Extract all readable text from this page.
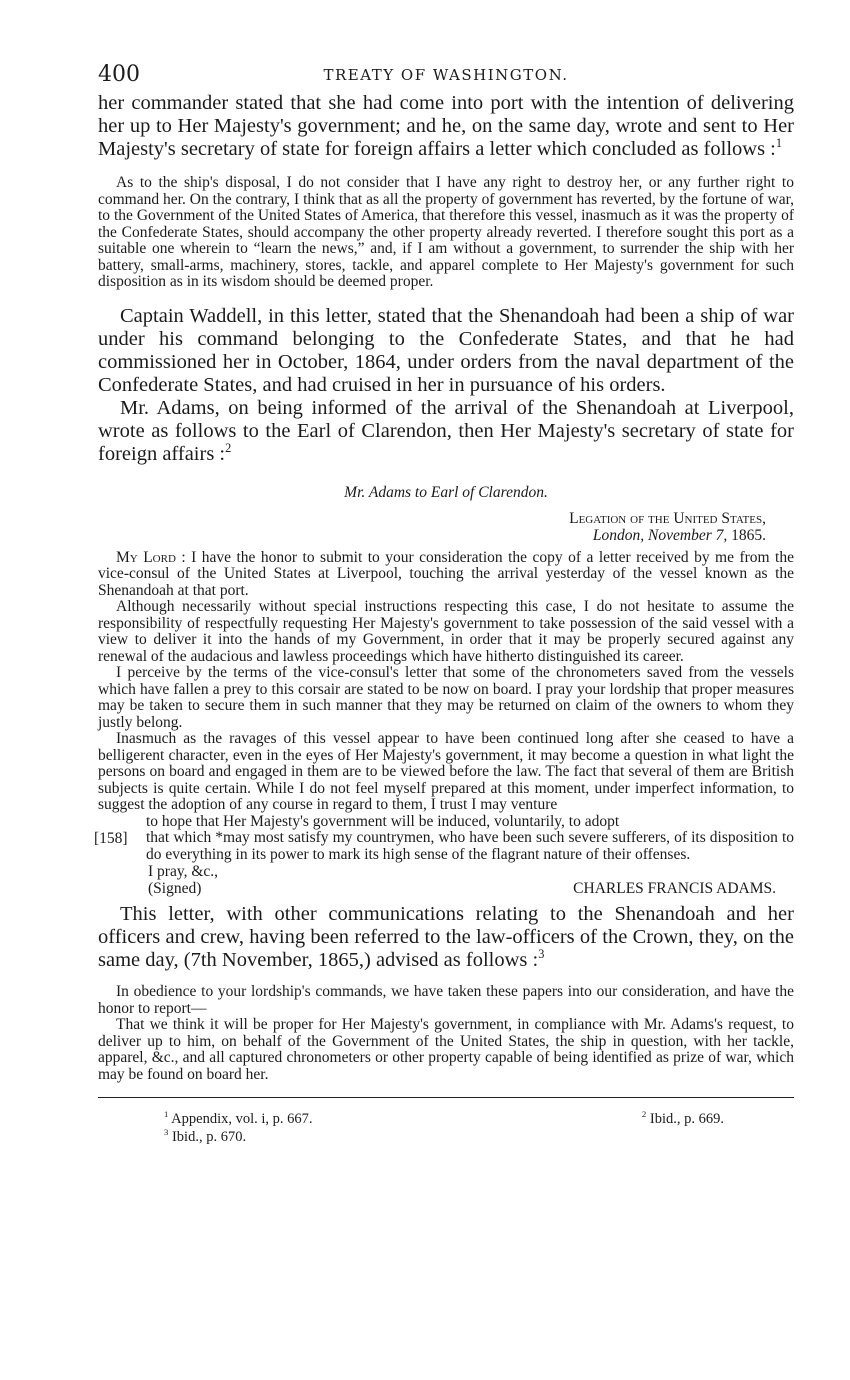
400	TREATY OF WASHINGTON.

her commander stated that she had come into port with the intention of delivering her up to Her Majesty's government; and he, on the same day, wrote and sent to Her Majesty's secretary of state for foreign affairs a letter which concluded as follows :$^1$

As to the ship's disposal, I do not consider that I have any right to destroy her, or any further right to command her. On the contrary, I think that as all the property of government has reverted, by the fortune of war, to the Government of the United States of America, that therefore this vessel, inasmuch as it was the property of the Confederate States, should accompany the other property already reverted. I therefore sought this port as a suitable one wherein to “learn the news,” and, if I am without a government, to surrender the ship with her battery, small-arms, machinery, stores, tackle, and apparel complete to Her Majesty's government for such disposition as in its wisdom should be deemed proper.

Captain Waddell, in this letter, stated that the Shenandoah had been a ship of war under his command belonging to the Confederate States, and that he had commissioned her in October, 1864, under orders from the naval department of the Confederate States, and had cruised in her in pursuance of his orders.

Mr. Adams, on being informed of the arrival of the Shenandoah at Liverpool, wrote as follows to the Earl of Clarendon, then Her Majesty's secretary of state for foreign affairs :$^2$

Mr. Adams to Earl of Clarendon.
Legation of the United States,
London, November 7, 1865.

My Lord : I have the honor to submit to your consideration the copy of a letter received by me from the vice-consul of the United States at Liverpool, touching the arrival yesterday of the vessel known as the Shenandoah at that port.

Although necessarily without special instructions respecting this case, I do not hesitate to assume the responsibility of respectfully requesting Her Majesty's government to take possession of the said vessel with a view to deliver it into the hands of my Government, in order that it may be properly secured against any renewal of the audacious and lawless proceedings which have hitherto distinguished its career.

I perceive by the terms of the vice-consul's letter that some of the chronometers saved from the vessels which have fallen a prey to this corsair are stated to be now on board. I pray your lordship that proper measures may be taken to secure them in such manner that they may be returned on claim of the owners to whom they justly belong.

Inasmuch as the ravages of this vessel appear to have been continued long after she ceased to have a belligerent character, even in the eyes of Her Majesty's government, it may become a question in what light the persons on board and engaged in them are to be viewed before the law. The fact that several of them are British subjects is quite certain. While I do not feel myself prepared at this moment, under imperfect information, to suggest the adoption of any course in regard to them, I trust I may venture

to hope that Her Majesty's government will be induced, voluntarily, to adopt

[158]	that which *may most satisfy my countrymen, who have been such severe sufferers, of its disposition to do everything in its power to mark its high sense of the flagrant nature of their offenses.

I pray, &c.,

(Signed)	CHARLES FRANCIS ADAMS.

This letter, with other communications relating to the Shenandoah and her officers and crew, having been referred to the law-officers of the Crown, they, on the same day, (7th November, 1865,) advised as follows :$^3$

In obedience to your lordship's commands, we have taken these papers into our consideration, and have the honor to report—

That we think it will be proper for Her Majesty's government, in compliance with Mr. Adams's request, to deliver up to him, on behalf of the Government of the United States, the ship in question, with her tackle, apparel, &c., and all captured chronometers or other property capable of being identified as prize of war, which may be found on board her.

$^1$ Appendix, vol. i, p. 667.	$^2$ Ibid., p. 669.
$^3$ Ibid., p. 670.
